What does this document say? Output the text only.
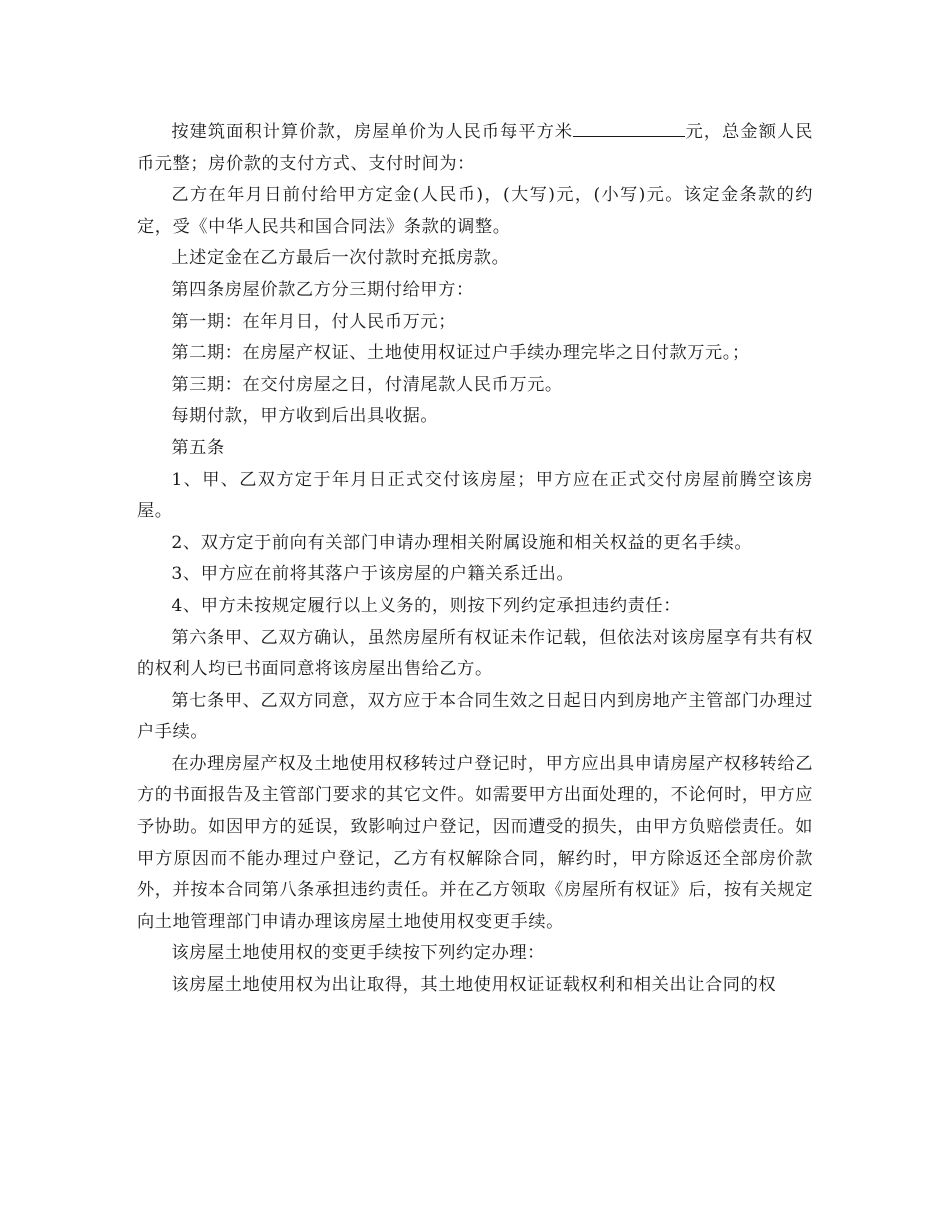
按建筑面积计算价款，房屋单价为人民币每平方米	元，总金额人民币元整；房价款的支付方式、支付时间为：

乙方在年月日前付给甲方定金(人民币)，(大写)元，(小写)元。该定金条款的约定，受《中华人民共和国合同法》条款的调整。

上述定金在乙方最后一次付款时充抵房款。

第四条房屋价款乙方分三期付给甲方：

第一期：在年月日，付人民币万元；

第二期：在房屋产权证、土地使用权证过户手续办理完毕之日付款万元。；

第三期：在交付房屋之日，付清尾款人民币万元。

每期付款，甲方收到后出具收据。

第五条

1、甲、乙双方定于年月日正式交付该房屋；甲方应在正式交付房屋前腾空该房屋。

2、双方定于前向有关部门申请办理相关附属设施和相关权益的更名手续。

3、甲方应在前将其落户于该房屋的户籍关系迁出。

4、甲方未按规定履行以上义务的，则按下列约定承担违约责任：

第六条甲、乙双方确认，虽然房屋所有权证未作记载，但依法对该房屋享有共有权的权利人均已书面同意将该房屋出售给乙方。

第七条甲、乙双方同意，双方应于本合同生效之日起日内到房地产主管部门办理过户手续。

在办理房屋产权及土地使用权移转过户登记时，甲方应出具申请房屋产权移转给乙方的书面报告及主管部门要求的其它文件。如需要甲方出面处理的，不论何时，甲方应予协助。如因甲方的延误，致影响过户登记，因而遭受的损失，由甲方负赔偿责任。如甲方原因而不能办理过户登记，乙方有权解除合同，解约时，甲方除返还全部房价款外，并按本合同第八条承担违约责任。并在乙方领取《房屋所有权证》后，按有关规定向土地管理部门申请办理该房屋土地使用权变更手续。

该房屋土地使用权的变更手续按下列约定办理：

该房屋土地使用权为出让取得，其土地使用权证证载权利和相关出让合同的权
